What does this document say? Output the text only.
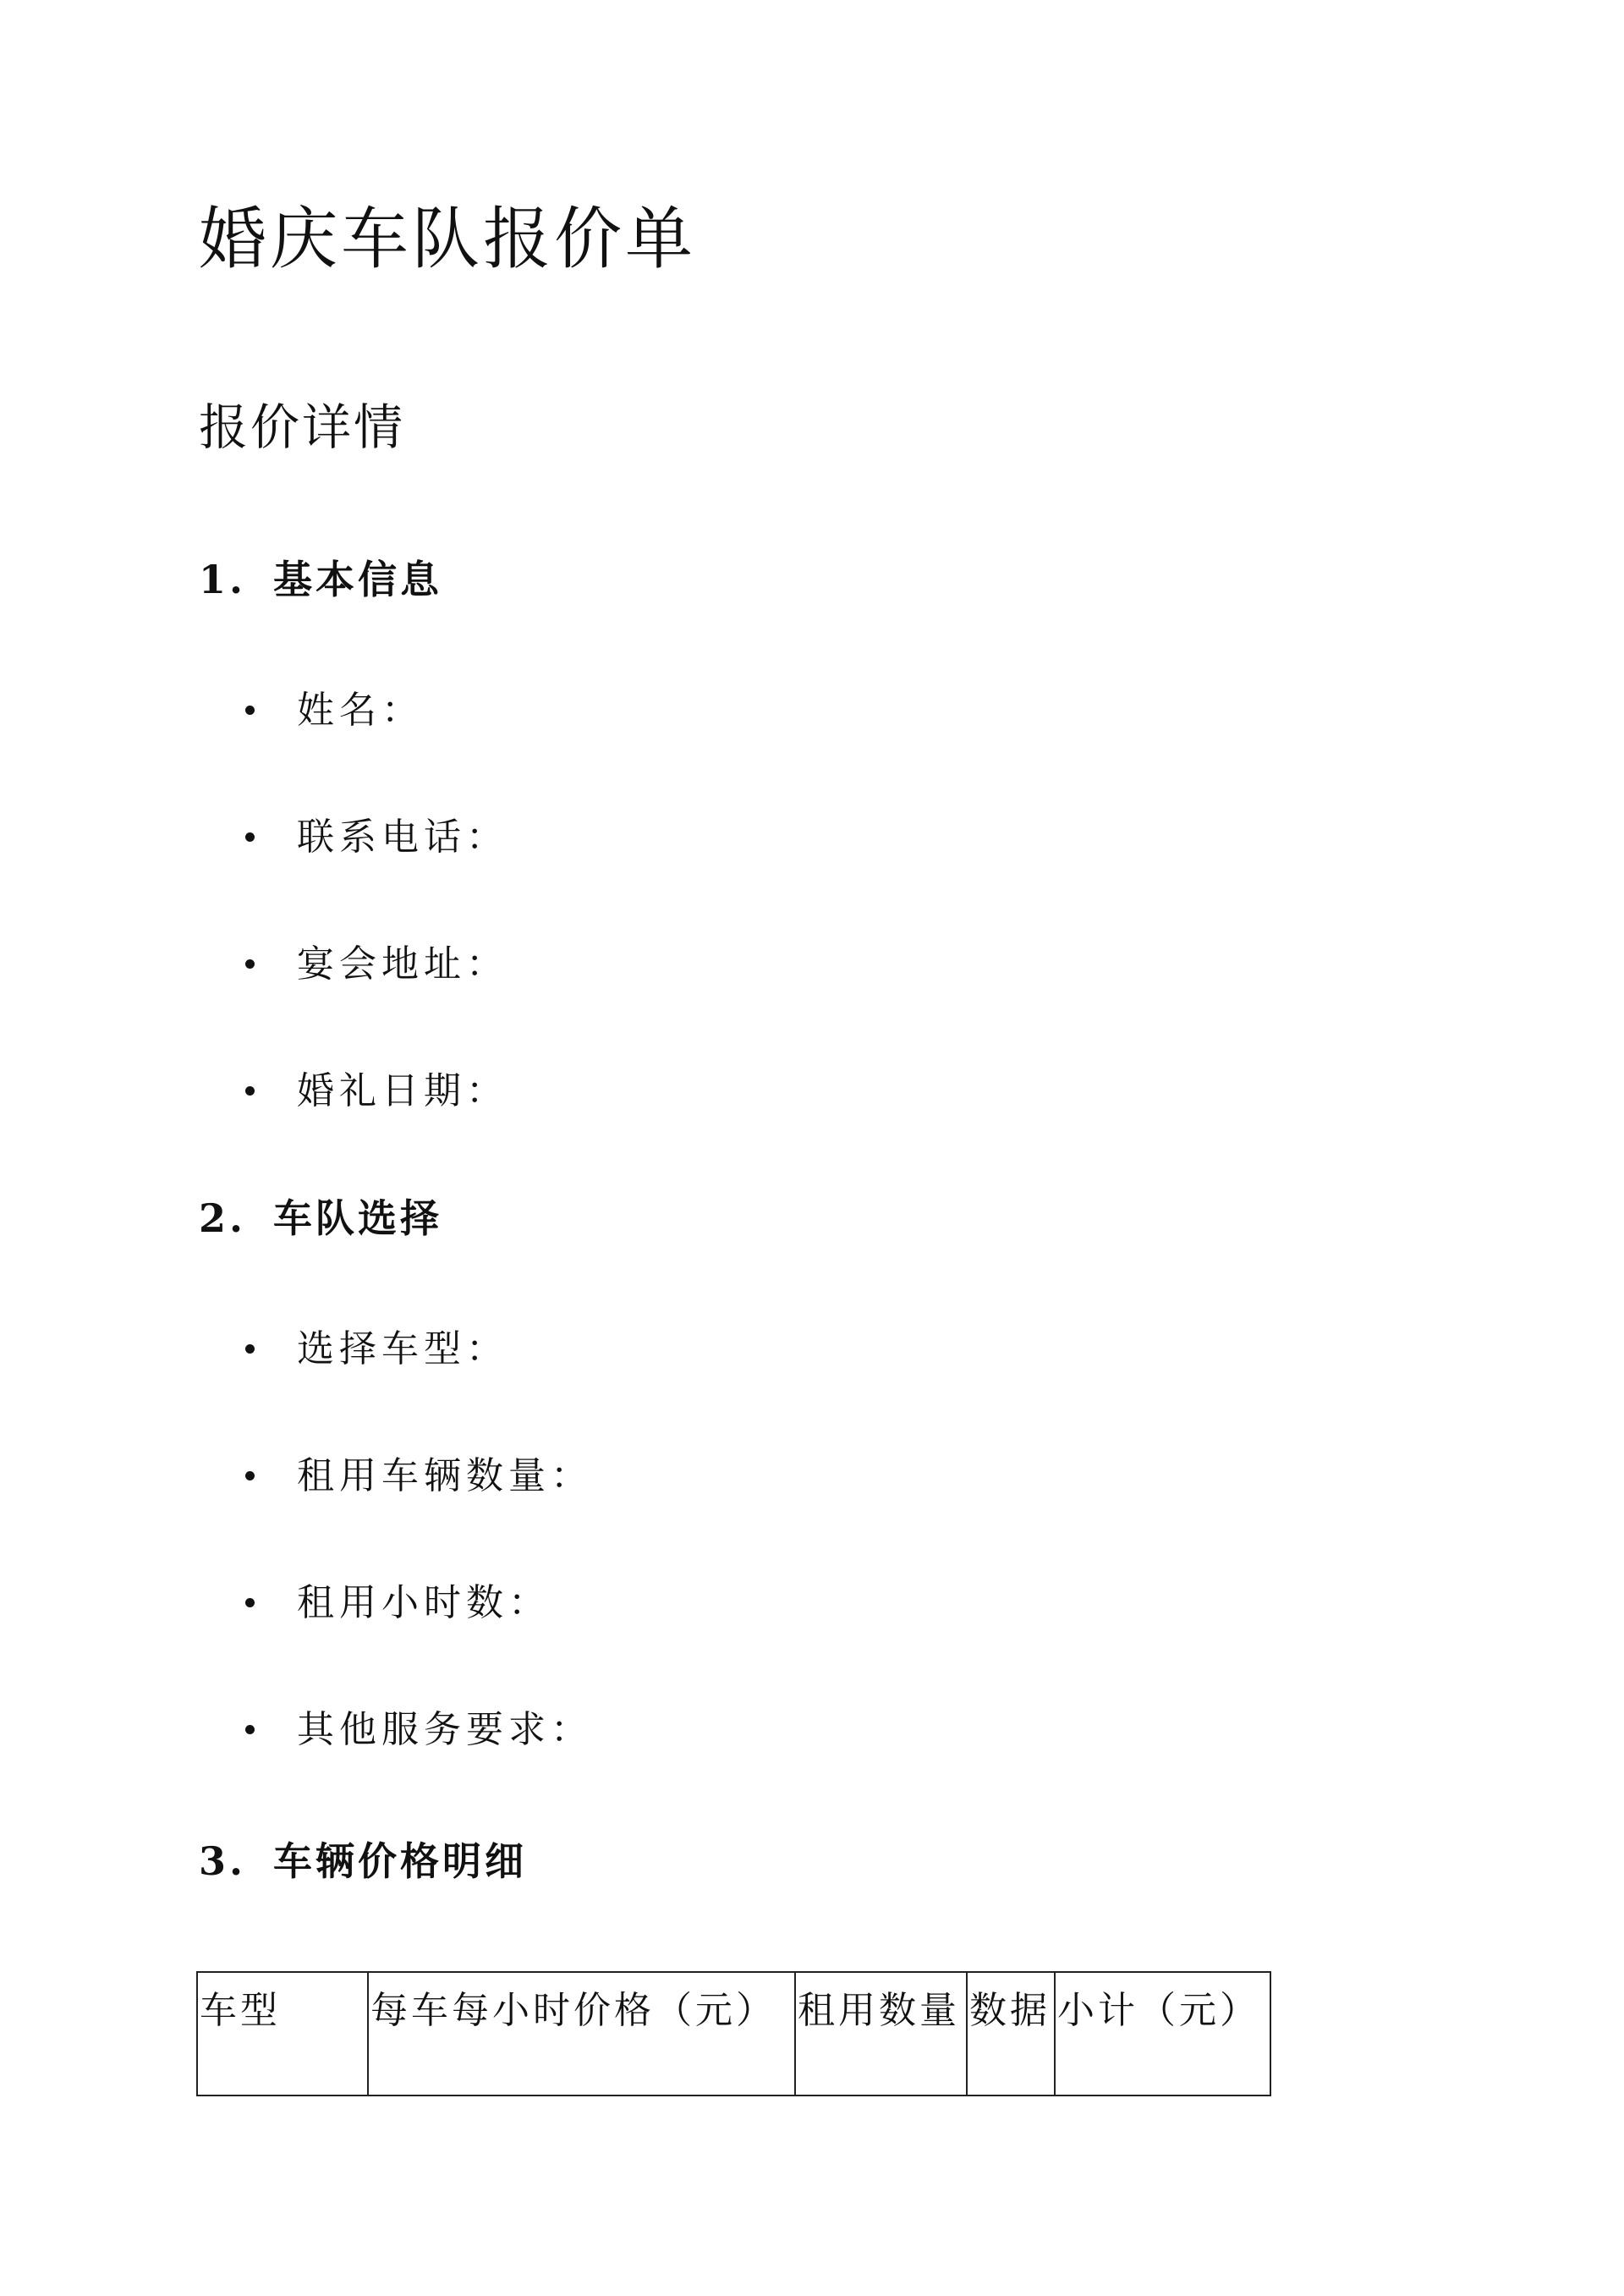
婚庆车队报价单
报价详情
1. 基本信息
姓名：
联系电话：
宴会地址：
婚礼日期：
2. 车队选择
选择车型：
租用车辆数量：
租用小时数：
其他服务要求：
3. 车辆价格明细
车型	每车每小时价格（元）	租用数量	数据	小计（元）
